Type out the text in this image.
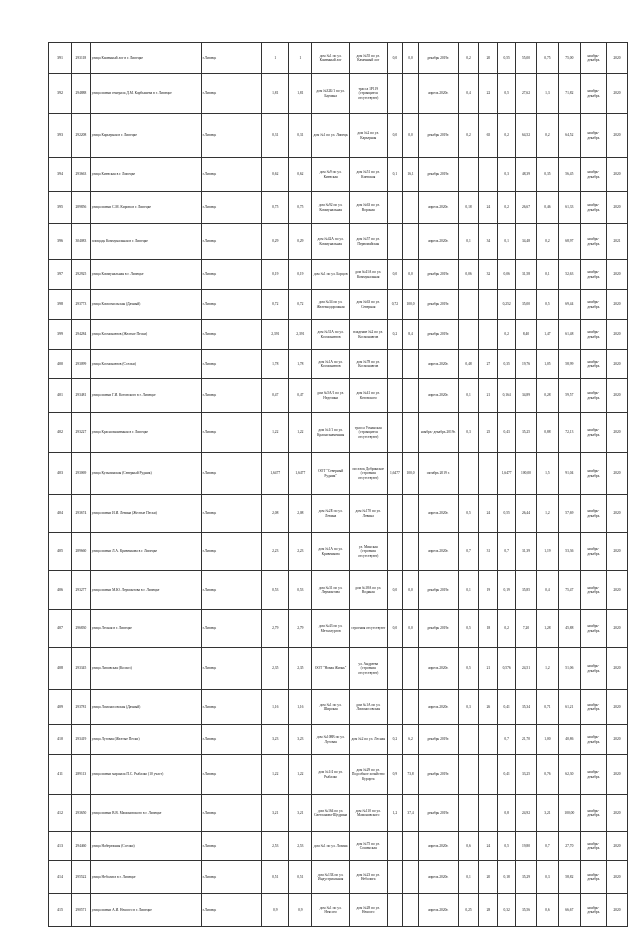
391	293118	улица Каменный лог в г. Липецке	г.Липецк	1	1	дом №1 по ул. Каменный лог	дом №55 по ул. Каменный лог	0,0	0,0	декабрь 2019г.	0,2	20	0,55	55,00	0,75	75,00	ноябрь- декабрь	2020
392	294888	улица имени генерала Д.М. Карбышева в г. Липецке	г.Липецк	1,81	1,81	дом №32Б/1 по ул. Баумана	трасса 1Р119 (строящиеся отсутствуют)			апрель 2020г.	0,4	22	0,5	27,62	1,3	71,82	ноябрь- декабрь	2020
393	292208	улица Карьерная в г. Липецке	г.Липецк	0,31	0,31	дом №1 по ул. Липецк	дом №2 по ул. Карьерная	0,0	0,0	декабрь 2019г.	0,2	65	0,2	64,52	0,2	64,52	ноябрь- декабрь	2020
394	293663	улица Киевская в г. Липецке	г.Липецк	0,62	0,62	дом №9 по ул. Киевская	дом №51 по ул. Киевская	0,1	16,1	декабрь 2019г.			0,3	48,39	0,35	56,45	ноябрь- декабрь	2020
395	289856	улица имени С.М. Кирова в г. Липецке	г.Липецк	0,75	0,75	дом №92 по ул. Коммунальная	дом №63 по ул. Вороная			апрель 2020г.	0,18	24	0,2	26,67	0,46	61,33	ноябрь- декабрь	2020
396	304083	площадь Коммунальная в г. Липецке	г.Липецк	0,29	0,29	дом №42А по ул. Коммунальная	дом №57 по ул. Первомайская			апрель 2020г.	0,1	34	0,1	34,48	0,2	68,97	ноябрь- декабрь	2021
397	292925	улица Коммунальная в г. Липецке	г.Липецк	0,19	0,19	дом №1 по ул. Борцов	дом №41А по ул. Коммунальная	0,0	0,0	декабрь 2019г.	0,06	32	0,06	31,58	0,1	52,63	ноябрь- декабрь	2020
398	293773	улица Комсомольская (Дачный)	г.Липецк	0,72	0,72	дом №34 по ул. Железнодорожная	дом №63 по ул. Северная	0,72	100,0	декабрь 2019г.			0,252	35,00	0,5	69,44	ноябрь- декабрь	2020
399	294284	улица Космонавтов (Желтые Пески)	г.Липецк	2,391	2,391	дом №31А по ул. Космонавтов	владение №2 по ул. Космонавтов	0,2	8,4	декабрь 2019г.			0,2	8,40	1,47	61,48	ноябрь- декабрь	2020
400	293099	улица Космонавтов (Сселки)	г.Липецк	1,78	1,78	дом №1А по ул. Космонавтов	дом №78 по ул. Космонавтов			апрель 2020г.	0,48	27	0,35	19,76	1,05	58,99	ноябрь- декабрь	2020
401	293481	улица имени Г.И. Котовского в г. Липецке	г.Липецк	0,47	0,47	дом №5А/1 по ул. Неделина	дом №41 по ул. Котовского			апрель 2020г.	0,1	21	0,164	34,89	0,28	59,57	ноябрь- декабрь	2020
402	293227	улица Краснознаменная в г. Липецке	г.Липецк	1,22	1,22	дом №1/1 по ул. Краснознаменная	трасса Усманская (строящиеся отсутствуют)			ноябрь- декабрь 2019г.	0,3	25	0,43	35,25	0,88	72,13	ноябрь- декабрь	2020
403	293069	улица Кузьминская (Северный Рудник)	г.Липецк	1,6477	1,6477	ООТ "Северный Рудник"	поселок Добринское (строения отсутствуют)	1,6477	100,0	октябрь 2019 г.			1,6477	100,00	1,5	91,04	ноябрь- декабрь	2020
404	293674	улица имени И.И. Левина (Желтые Пески)	г.Липецк	2,08	2,08	дом №2Е по ул. Левина	дом №170 по ул. Левина			апрель 2020г.	0,5	24	0,55	26,44	1,2	57,69	ноябрь- декабрь	2020
405	289660	улица имени Л.А. Кривенкова в г. Липецке	г.Липецк	2,23	2,23	дом №1А по ул. Кривенкова	ул. Минская (строения отсутствуют)			апрель 2020г.	0,7	31	0,7	31,39	1,19	53,36	ноябрь- декабрь	2020
406	293277	улица имени М.Ю. Лермонтова в г. Липецке	г.Липецк	0,53	0,53	дом №31 по ул. Лермонтова	дом №18А по ул. Водяная	0,0	0,0	декабрь 2019г.	0,1	19	0,19	35,85	0,4	75,47	ноябрь- декабрь	2020
407	296830	улица Лесная в г. Липецке	г.Липецк	2,79	2,79	дом №43 по ул. Металлургов	строения отсутствуют	0,0	0,0	декабрь 2019г.	0,5	18	0,2	7,20	1,28	45,88	ноябрь- декабрь	2020
408	293345	улица Липовская (Колхоз)	г.Липецк	2,35	2,35	ООТ "Новая Жизнь"	ул. Андреева (строения отсутствуют)			апрель 2020г.	0,5	21	0,576	24,51	1,2	51,06	ноябрь- декабрь	2020
409	293781	улица Ломоносовская (Дачный)	г.Липецк	1,16	1,16	дом №1 по ул. Широкая	дом №1А по ул. Ломоносовская			апрель 2020г.	0,3	26	0,41	35,34	0,71	61,21	ноябрь- декабрь	2020
410	293419	улица Луговая (Желтые Пески)	г.Липецк	3,23	3,23	дом №108В по ул. Луговая	дом №2 по ул. Лесная	0,2	6,2	декабрь 2019г.			0,7	21,70	1,00	40,86	ноябрь- декабрь	2020
411	289113	улица имени маршала П.С. Рыбалко (10 участ)	г.Липецк	1,22	1,22	дом №1/4 по ул. Рыбалко	дом №29 по ул. Подсобное хозяйство Курорта	0,9	73,8	декабрь 2019г.			0,41	33,25	0,76	62,30	ноябрь- декабрь	2020
412	293650	улица имени В.В. Мамоновского в г. Липецке	г.Липецк	3,21	3,21	дом №164 по ул. Светланова-Щедрина	дом №110 по ул. Мамоновского	1,2	37,4	декабрь 2019г.			0,8	24,92	3,21	100,00	ноябрь- декабрь	2020
413	294460	улица Набережная (Сселки)	г.Липецк	2,53	2,53	дом №1 по ул. Лозина	дом №75 по ул. Сошенская			апрель 2020г.	0,6	24	0,5	19,80	0,7	27,70	ноябрь- декабрь	2020
414	295522	улица Неболига в г. Липецке	г.Липецк	0,51	0,51	дом №13Б по ул. Индустриальная	дом №23 по ул. Неболига			апрель 2020г.	0,1	20	0,18	35,29	0,3	58,82	ноябрь- декабрь	2020
415	290571	улица имени А.И. Неясого в г. Липецке	г.Липецк	0,9	0,9	дом №1 по ул. Неясого	дом №28 по ул. Неясого			апрель 2020г.	0,25	28	0,32	35,56	0,6	66,67	ноябрь- декабрь	2020
